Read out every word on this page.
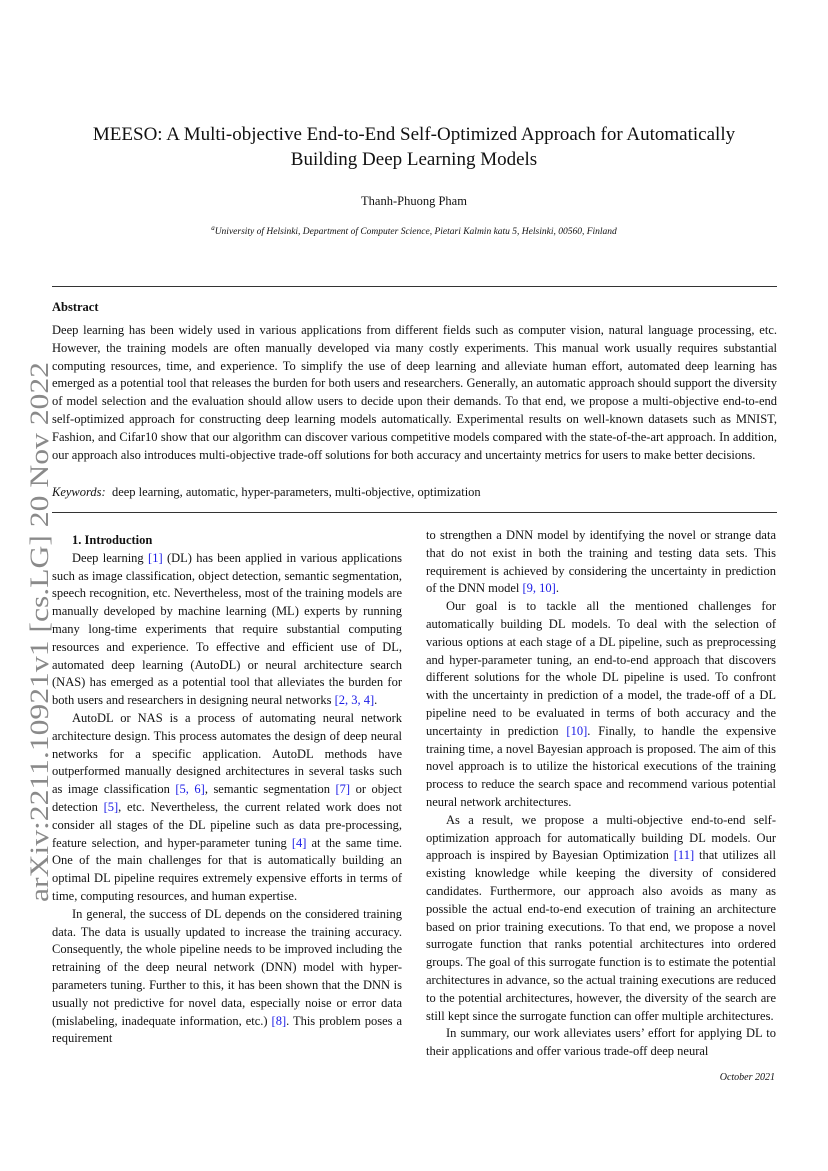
arXiv:2211.10921v1 [cs.LG] 20 Nov 2022
MEESO: A Multi-objective End-to-End Self-Optimized Approach for Automatically Building Deep Learning Models
Thanh-Phuong Pham
$^a$University of Helsinki, Department of Computer Science, Pietari Kalmin katu 5, Helsinki, 00560, Finland
Abstract
Deep learning has been widely used in various applications from different fields such as computer vision, natural language processing, etc. However, the training models are often manually developed via many costly experiments. This manual work usually requires substantial computing resources, time, and experience. To simplify the use of deep learning and alleviate human effort, automated deep learning has emerged as a potential tool that releases the burden for both users and researchers. Generally, an automatic approach should support the diversity of model selection and the evaluation should allow users to decide upon their demands. To that end, we propose a multi-objective end-to-end self-optimized approach for constructing deep learning models automatically. Experimental results on well-known datasets such as MNIST, Fashion, and Cifar10 show that our algorithm can discover various competitive models compared with the state-of-the-art approach. In addition, our approach also introduces multi-objective trade-off solutions for both accuracy and uncertainty metrics for users to make better decisions.
Keywords: deep learning, automatic, hyper-parameters, multi-objective, optimization

1. Introduction

Deep learning [1] (DL) has been applied in various applications such as image classification, object detection, semantic segmentation, speech recognition, etc. Nevertheless, most of the training models are manually developed by machine learning (ML) experts by running many long-time experiments that require substantial computing resources and experience. To effective and efficient use of DL, automated deep learning (AutoDL) or neural architecture search (NAS) has emerged as a potential tool that alleviates the burden for both users and researchers in designing neural networks [2, 3, 4].

AutoDL or NAS is a process of automating neural network architecture design. This process automates the design of deep neural networks for a specific application. AutoDL methods have outperformed manually designed architectures in several tasks such as image classification [5, 6], semantic segmentation [7] or object detection [5], etc. Nevertheless, the current related work does not consider all stages of the DL pipeline such as data pre-processing, feature selection, and hyper-parameter tuning [4] at the same time. One of the main challenges for that is automatically building an optimal DL pipeline requires extremely expensive efforts in terms of time, computing resources, and human expertise.

In general, the success of DL depends on the considered training data. The data is usually updated to increase the training accuracy. Consequently, the whole pipeline needs to be improved including the retraining of the deep neural network (DNN) model with hyper-parameters tuning. Further to this, it has been shown that the DNN is usually not predictive for novel data, especially noise or error data (mislabeling, inadequate information, etc.) [8]. This problem poses a requirement

to strengthen a DNN model by identifying the novel or strange data that do not exist in both the training and testing data sets. This requirement is achieved by considering the uncertainty in prediction of the DNN model [9, 10].

Our goal is to tackle all the mentioned challenges for automatically building DL models. To deal with the selection of various options at each stage of a DL pipeline, such as preprocessing and hyper-parameter tuning, an end-to-end approach that discovers different solutions for the whole DL pipeline is used. To confront with the uncertainty in prediction of a model, the trade-off of a DL pipeline need to be evaluated in terms of both accuracy and the uncertainty in prediction [10]. Finally, to handle the expensive training time, a novel Bayesian approach is proposed. The aim of this novel approach is to utilize the historical executions of the training process to reduce the search space and recommend various potential neural network architectures.

As a result, we propose a multi-objective end-to-end self-optimization approach for automatically building DL models. Our approach is inspired by Bayesian Optimization [11] that utilizes all existing knowledge while keeping the diversity of considered candidates. Furthermore, our approach also avoids as many as possible the actual end-to-end execution of training an architecture based on prior training executions. To that end, we propose a novel surrogate function that ranks potential architectures into ordered groups. The goal of this surrogate function is to estimate the potential architectures in advance, so the actual training executions are reduced to the potential architectures, however, the diversity of the search are still kept since the surrogate function can offer multiple architectures.

In summary, our work alleviates users’ effort for applying DL to their applications and offer various trade-off deep neural

October 2021
